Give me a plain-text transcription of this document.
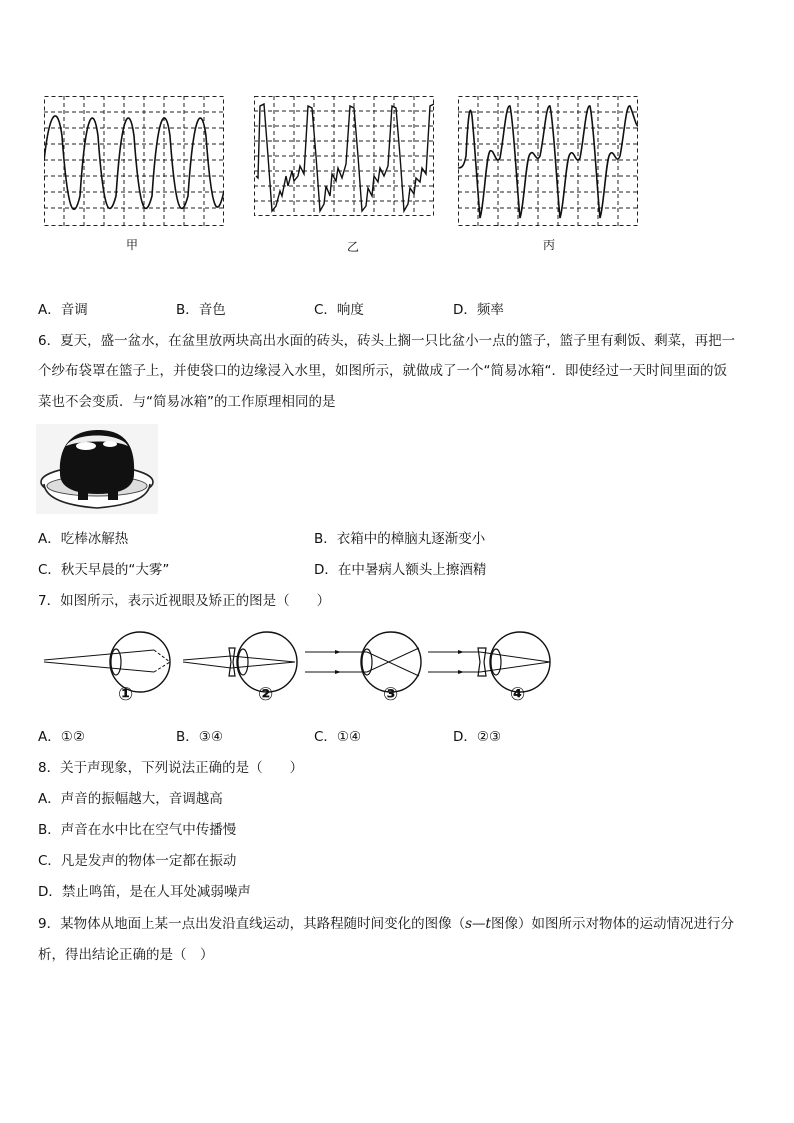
甲	乙	丙
A．音调	B．音色	C．响度	D．频率
6．夏天，盛一盆水，在盆里放两块高出水面的砖头，砖头上搁一只比盆小一点的篮子，篮子里有剩饭、剩菜，再把一
个纱布袋罩在篮子上，并使袋口的边缘浸入水里，如图所示，就做成了一个“简易冰箱“．即使经过一天时间里面的饭
菜也不会变质．与“简易冰箱”的工作原理相同的是
A．吃棒冰解热	B．衣箱中的樟脑丸逐渐变小
C．秋天早晨的“大雾”	D．在中暑病人额头上擦酒精
7．如图所示，表示近视眼及矫正的图是（　　）
①	②	③	④
A．①②	B．③④	C．①④	D．②③
8．关于声现象，下列说法正确的是（　　）
A．声音的振幅越大，音调越高
B．声音在水中比在空气中传播慢
C．凡是发声的物体一定都在振动
D．禁止鸣笛，是在人耳处减弱噪声
9．某物体从地面上某一点出发沿直线运动，其路程随时间变化的图像（s—t图像）如图所示对物体的运动情况进行分
析，得出结论正确的是（　）
